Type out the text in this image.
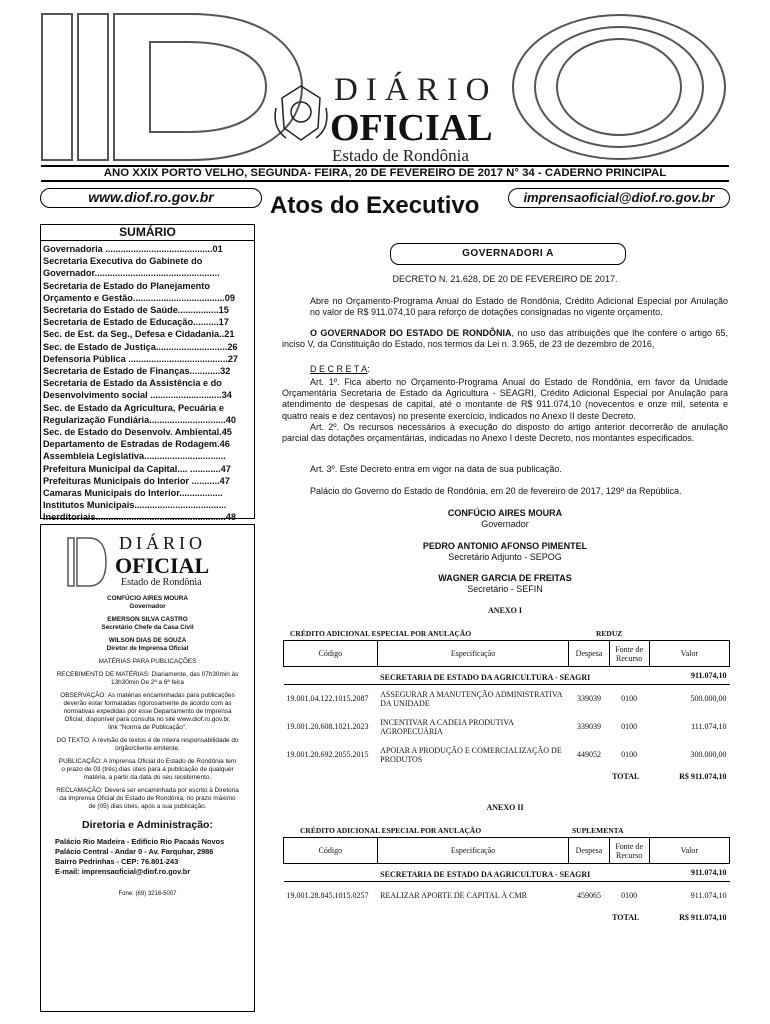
DIÁRIO
OFICIAL
Estado de Rondônia
ANO XXIX PORTO VELHO, SEGUNDA- FEIRA, 20 DE FEVEREIRO DE 2017 N° 34 - CADERNO PRINCIPAL
www.diof.ro.gov.br	imprensaoficial@diof.ro.gov.br
Atos do Executivo
SUMÁRIO
Governadoria ..........................................01
Secretaria Executiva do Gabinete do
Governador.................................................
Secretaria de Estado do Planejamento
Orçamento e Gestão....................................09
Secretaria do Estado de Saúde................15
Secretaria de Estado de Educação..........17
Sec. de Est. da Seg., Defesa e Cidadania..21
Sec. de Estado de Justiça............................26
Defensoria Pública .......................................27
Secretaria de Estado de Finanças............32
Secretaria de Estado da Assistência e do
Desenvolvimento social ............................34
Sec. de Estado da Agricultura, Pecuária e
Regularização Fundiária..............................40
Sec. de Estado do Desenvolv. Ambiental.45
Departamento de Estradas de Rodagem.46
Assembleia Legislativa................................
Prefeitura Municipal da Capital.... ............47
Prefeituras Municipais do Interior ...........47
Camaras Municipais do Interior.................
Institutos Municipais....................................
Inerditoriais...................................................48
DIÁRIO
OFICIAL
Estado de Rondônia
CONFÚCIO AIRES MOURA
Governador
EMERSON SILVA CASTRO
Secretário Chefe da Casa Civil
WILSON DIAS DE SOUZA
Diretor de Imprensa Oficial
MATÉRIAS PARA PUBLICAÇÕES
RECEBIMENTO DE MATÉRIAS: Diariamente, das 07h30min às
13h30min De 2ª a 6ª feira
OBSERVAÇÃO: As matérias encaminhadas para publicações
deverão estar formatadas rigorosamente de acordo com as
normativas expedidas por esse Departamento de Imprensa
Oficial, disponível para consulta no site www.diof.ro.gov.br,
link "Norma de Publicação".
DO TEXTO: A revisão de textos é de inteira responsabilidade do
órgão/cliente emitente.
PUBLICAÇÃO: A Imprensa Oficial do Estado de Rondônia tem
o prazo de 03 (três) dias úteis para a publicação de qualquer
matéria, a partir da data do seu recebimento.
RECLAMAÇÃO: Deverá ser encaminhada por escrito à Diretoria
da Imprensa Oficial do Estado de Rondônia, no prazo máximo
de (05) dias úteis, após a sua publicação.
Diretoria e Administração:
Palácio Rio Madeira - Edifício Rio Pacaás Novos
Palácio Central - Andar 0 - Av. Farquhar, 2986
Bairro Pedrinhas - CEP: 76.801-243
E-mail: imprensaoficial@diof.ro.gov.br
Fone: (69) 3216-5007
GOVERNADORI A
DECRETO N. 21.628, DE 20 DE FEVEREIRO DE 2017.
Abre no Orçamento-Programa Anual do Estado de Rondônia, Crédito Adicional Especial por Anulação no valor de R$ 911.074,10 para reforço de dotações consignadas no vigente orçamento.
O GOVERNADOR DO ESTADO DE RONDÔNIA, no uso das atribuições que lhe confere o artigo 65, inciso V, da Constituição do Estado, nos termos da Lei n. 3.965, de 23 de dezembro de 2016,
D E C R E T A:
Art. 1º. Fica aberto no Orçamento-Programa Anual do Estado de Rondônia, em favor da Unidade Orçamentária Secretaria de Estado da Agricultura - SEAGRI, Crédito Adicional Especial por Anulação para atendimento de despesas de capital, até o montante de R$ 911.074,10 (novecentos e onze mil, setenta e quatro reais e dez centavos) no presente exercício, indicados no Anexo II deste Decreto.
Art. 2º. Os recursos necessários à execução do disposto do artigo anterior decorrerão de anulação parcial das dotações orçamentárias, indicadas no Anexo I deste Decreto, nos montantes especificados.
Art. 3º. Este Decreto entra em vigor na data de sua publicação.
Palácio do Governo do Estado de Rondônia, em 20 de fevereiro de 2017, 129º da República.
CONFÚCIO AIRES MOURA
Governador
PEDRO ANTONIO AFONSO PIMENTEL
Secretário Adjunto - SEPOG
WAGNER GARCIA DE FREITAS
Secretário - SEFIN
ANEXO I
CRÉDITO ADICIONAL ESPECIAL POR ANULAÇÃO	REDUZ
Código	Especificação	Despesa	Fonte de Recurso	Valor
	SECRETARIA DE ESTADO DA AGRICULTURA - SEAGRI			911.074,10
19.001.04.122.1015.2087	ASSEGURAR A MANUTENÇÃO ADMINISTRATIVA DA UNIDADE	339039	0100	500.000,00
19.001.20.608.1021.2023	INCENTIVAR A CADEIA PRODUTIVA AGROPECUÁRIA	339039	0100	111.074,10
19.001.20.692.2055.2015	APOIAR A PRODUÇÃO E COMERCIALIZAÇÃO DE PRODUTOS	449052	0100	300.000,00
			TOTAL	R$ 911.074,10
ANEXO II
CRÉDITO ADICIONAL ESPECIAL POR ANULAÇÃO	SUPLEMENTA
Código	Especificação	Despesa	Fonte de Recurso	Valor
	SECRETARIA DE ESTADO DA AGRICULTURA - SEAGRI			911.074,10
19.001.28.845.1015.0257	REALIZAR APORTE DE CAPITAL À CMR	459065	0100	911.074,10
			TOTAL	R$ 911.074,10
